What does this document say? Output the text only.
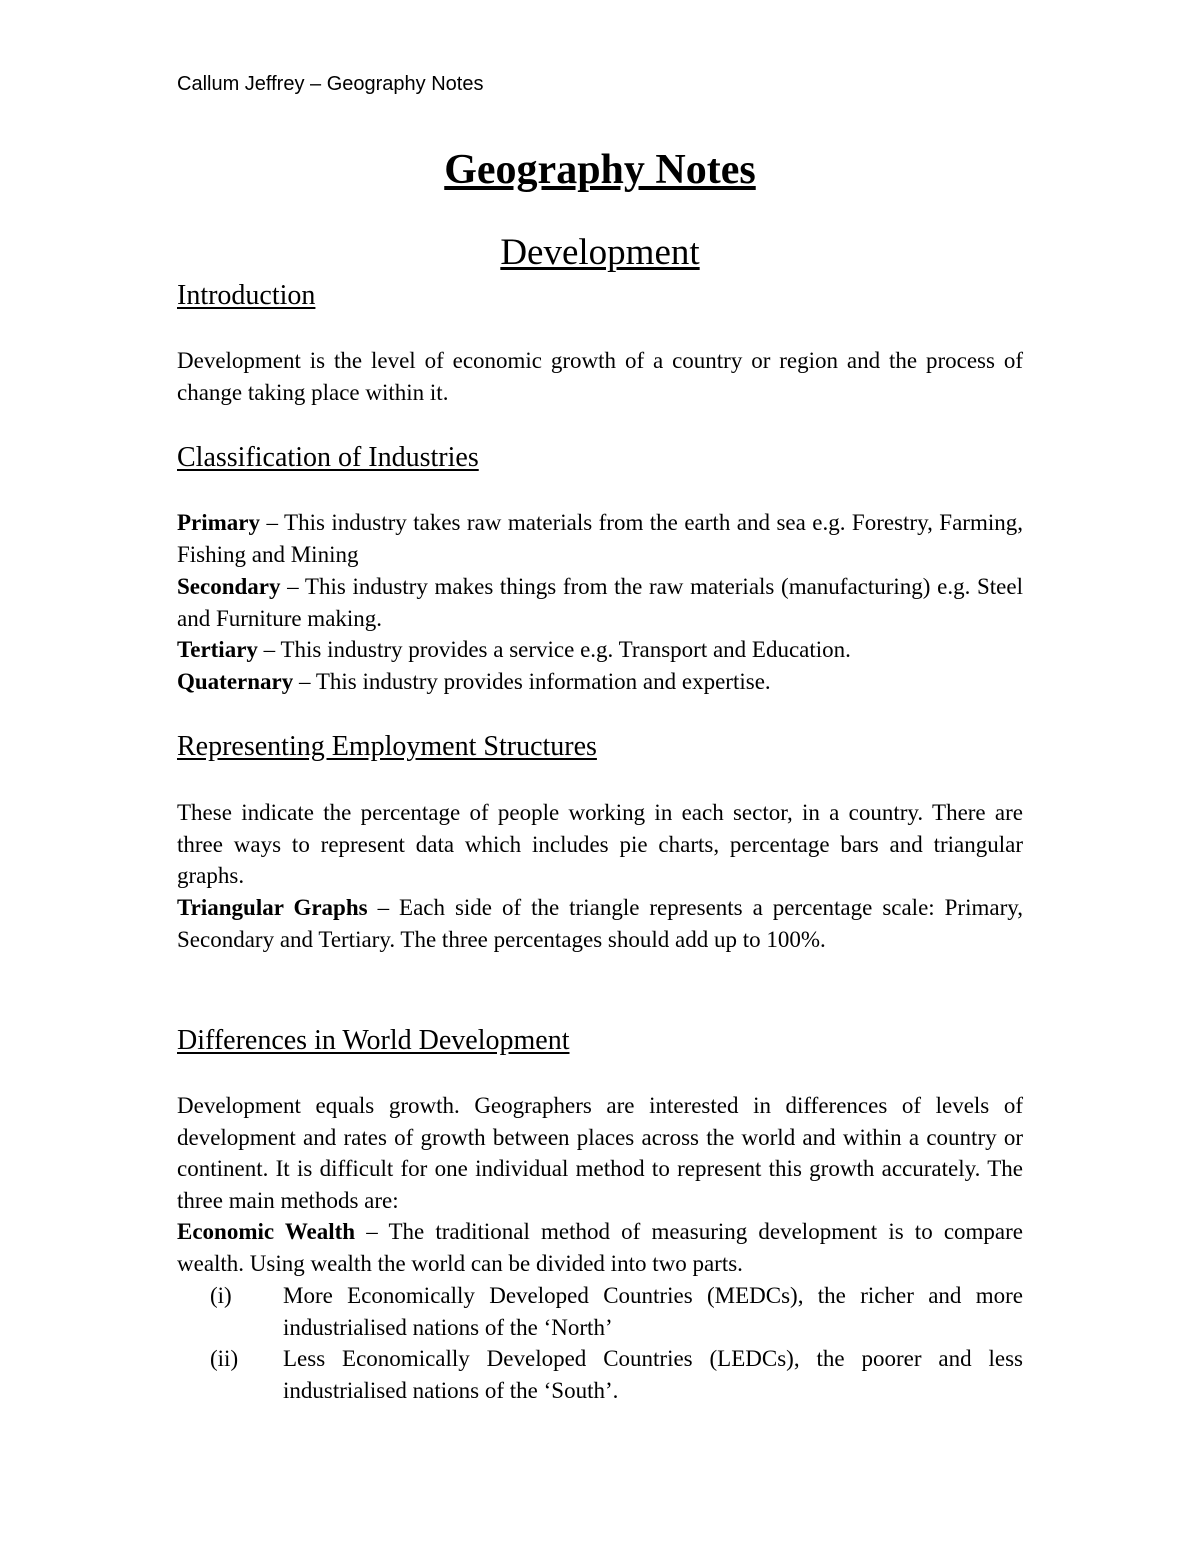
Callum Jeffrey – Geography Notes
Geography Notes
Development
Introduction
Development is the level of economic growth of a country or region and the process of change taking place within it.
Classification of Industries
Primary – This industry takes raw materials from the earth and sea e.g. Forestry, Farming, Fishing and Mining
Secondary – This industry makes things from the raw materials (manufacturing) e.g. Steel and Furniture making.
Tertiary – This industry provides a service e.g. Transport and Education.
Quaternary – This industry provides information and expertise.
Representing Employment Structures
These indicate the percentage of people working in each sector, in a country. There are three ways to represent data which includes pie charts, percentage bars and triangular graphs.
Triangular Graphs – Each side of the triangle represents a percentage scale: Primary, Secondary and Tertiary. The three percentages should add up to 100%.
Differences in World Development
Development equals growth. Geographers are interested in differences of levels of development and rates of growth between places across the world and within a country or continent. It is difficult for one individual method to represent this growth accurately. The three main methods are:
Economic Wealth – The traditional method of measuring development is to compare wealth. Using wealth the world can be divided into two parts.
(i)	More Economically Developed Countries (MEDCs), the richer and more industrialised nations of the ‘North’
(ii)	Less Economically Developed Countries (LEDCs), the poorer and less industrialised nations of the ‘South’.
